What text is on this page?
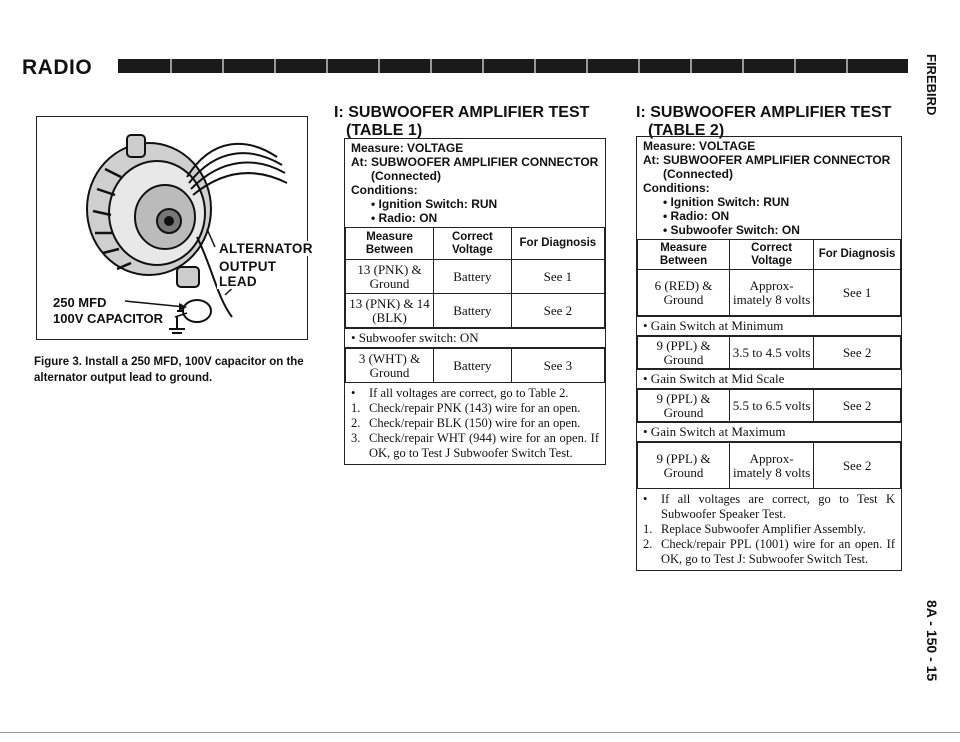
RADIO	FIREBIRD
8A - 150 - 15
ALTERNATOR
OUTPUT LEAD
250 MFD
100V CAPACITOR
Figure 3. Install a 250 MFD, 100V capacitor on the alternator output lead to ground.
I: SUBWOOFER AMPLIFIER TEST
(TABLE 1)
Measure: VOLTAGE
At: SUBWOOFER AMPLIFIER CONNECTOR
(Connected)
Conditions:
• Ignition Switch: RUN
• Radio: ON
Measure Between	Correct Voltage	For Diagnosis
13 (PNK) & Ground	Battery	See 1
13 (PNK) & 14 (BLK)	Battery	See 2
• Subwoofer switch: ON
3 (WHT) & Ground	Battery	See 3
•	If all voltages are correct, go to Table 2.
1. Check/repair PNK (143) wire for an open.
2. Check/repair BLK (150) wire for an open.
3. Check/repair WHT (944) wire for an open. If OK, go to Test J Subwoofer Switch Test.
I: SUBWOOFER AMPLIFIER TEST
(TABLE 2)
Measure: VOLTAGE
At: SUBWOOFER AMPLIFIER CONNECTOR
(Connected)
Conditions:
• Ignition Switch: RUN
• Radio: ON
• Subwoofer Switch: ON
Measure Between	Correct Voltage	For Diagnosis
6 (RED) & Ground	Approx-imately 8 volts	See 1
• Gain Switch at Minimum
9 (PPL) & Ground	3.5 to 4.5 volts	See 2
• Gain Switch at Mid Scale
9 (PPL) & Ground	5.5 to 6.5 volts	See 2
• Gain Switch at Maximum
9 (PPL) & Ground	Approx-imately 8 volts	See 2
•	If all voltages are correct, go to Test K Subwoofer Speaker Test.
1. Replace Subwoofer Amplifier Assembly.
2. Check/repair PPL (1001) wire for an open. If OK, go to Test J: Subwoofer Switch Test.
